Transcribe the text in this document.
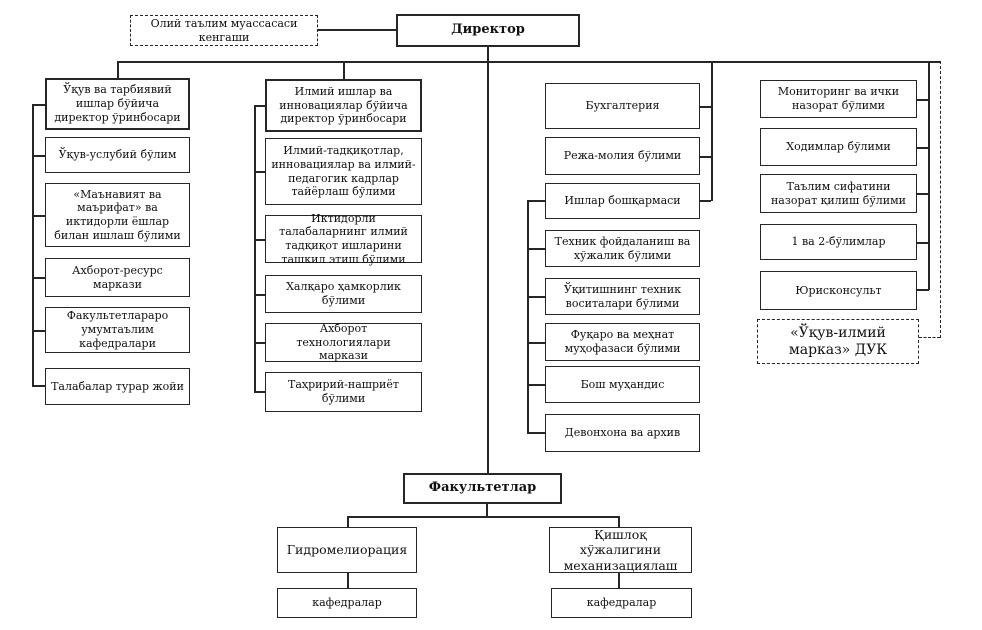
Олий таълим муассасаси кенгаши	Директор
Ўқув ва тарбиявий ишлар бўйича директор ўринбосари
Ўқув-услубий бўлим
«Маънавият ва маърифат» ва иктидорли ёшлар билан ишлаш бўлими
Ахборот-ресурс маркази
Факультетлараро умумтаълим кафедралари
Талабалар турар жойи
Илмий ишлар ва инновациялар бўйича директор ўринбосари
Илмий-тадқиқотлар, инновациялар ва илмий-педагогик кадрлар тайёрлаш бўлими
Иктидорли талабаларнинг илмий тадқиқот ишларини ташкил этиш бўлими
Халқаро ҳамкорлик бўлими
Ахборот технологиялари маркази
Таҳририй-нашриёт бўлими
Бухгалтерия
Режа-молия бўлими
Ишлар бошқармаси
Техник фойдаланиш ва хўжалик бўлими
Ўқитишнинг техник воситалари бўлими
Фуқаро ва меҳнат муҳофазаси бўлими
Бош муҳандис
Девонхона ва архив
Мониторинг ва ички назорат бўлими
Ходимлар бўлими
Таълим сифатини назорат қилиш бўлими
1 ва 2-бўлимлар
Юрисконсульт
«Ўқув-илмий марказ» ДУК
Факультетлар
Гидромелиорация
Қишлоқ хўжалигини механизациялаш
кафедралар	кафедралар
